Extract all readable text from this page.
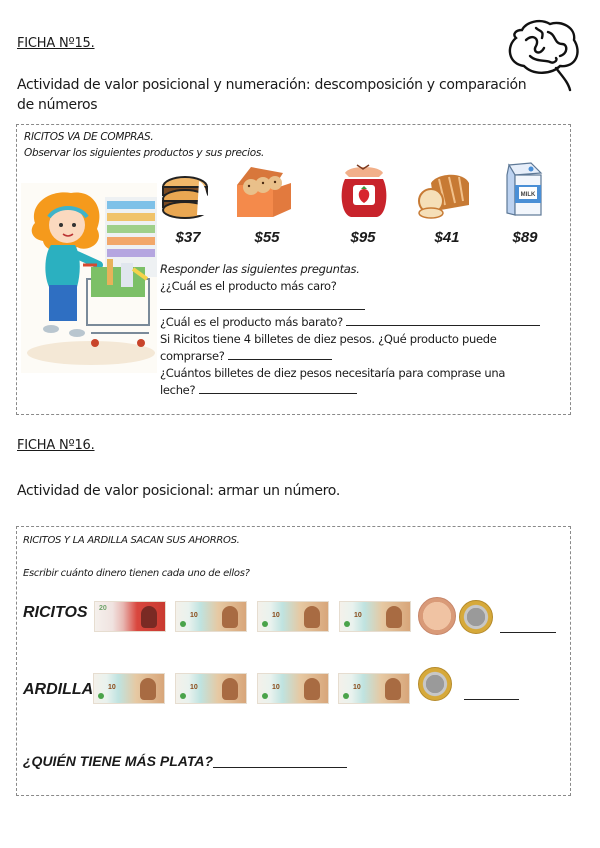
FICHA Nº15.
Actividad de valor posicional y numeración: descomposición y comparación
de números
RICITOS VA DE COMPRAS.
Observar los siguientes productos y sus precios.
MILK
$37	$55	$95	$41	$89
Responder las siguientes preguntas.
¿¿Cuál es el producto más caro?
¿Cuál es el producto más barato?
Si Ricitos tiene 4 billetes de diez pesos. ¿Qué producto puede
comprarse?
¿Cuántos billetes de diez pesos necesitaría para comprase una
leche?
FICHA Nº16.
Actividad de valor posicional: armar un número.
RICITOS Y LA ARDILLA SACAN SUS AHORROS.
Escribir cuánto dinero tienen cada uno de ellos?
RICITOS 20
10	10	10
ARDILLA 10	10	10	10
¿QUIÉN TIENE MÁS PLATA?
